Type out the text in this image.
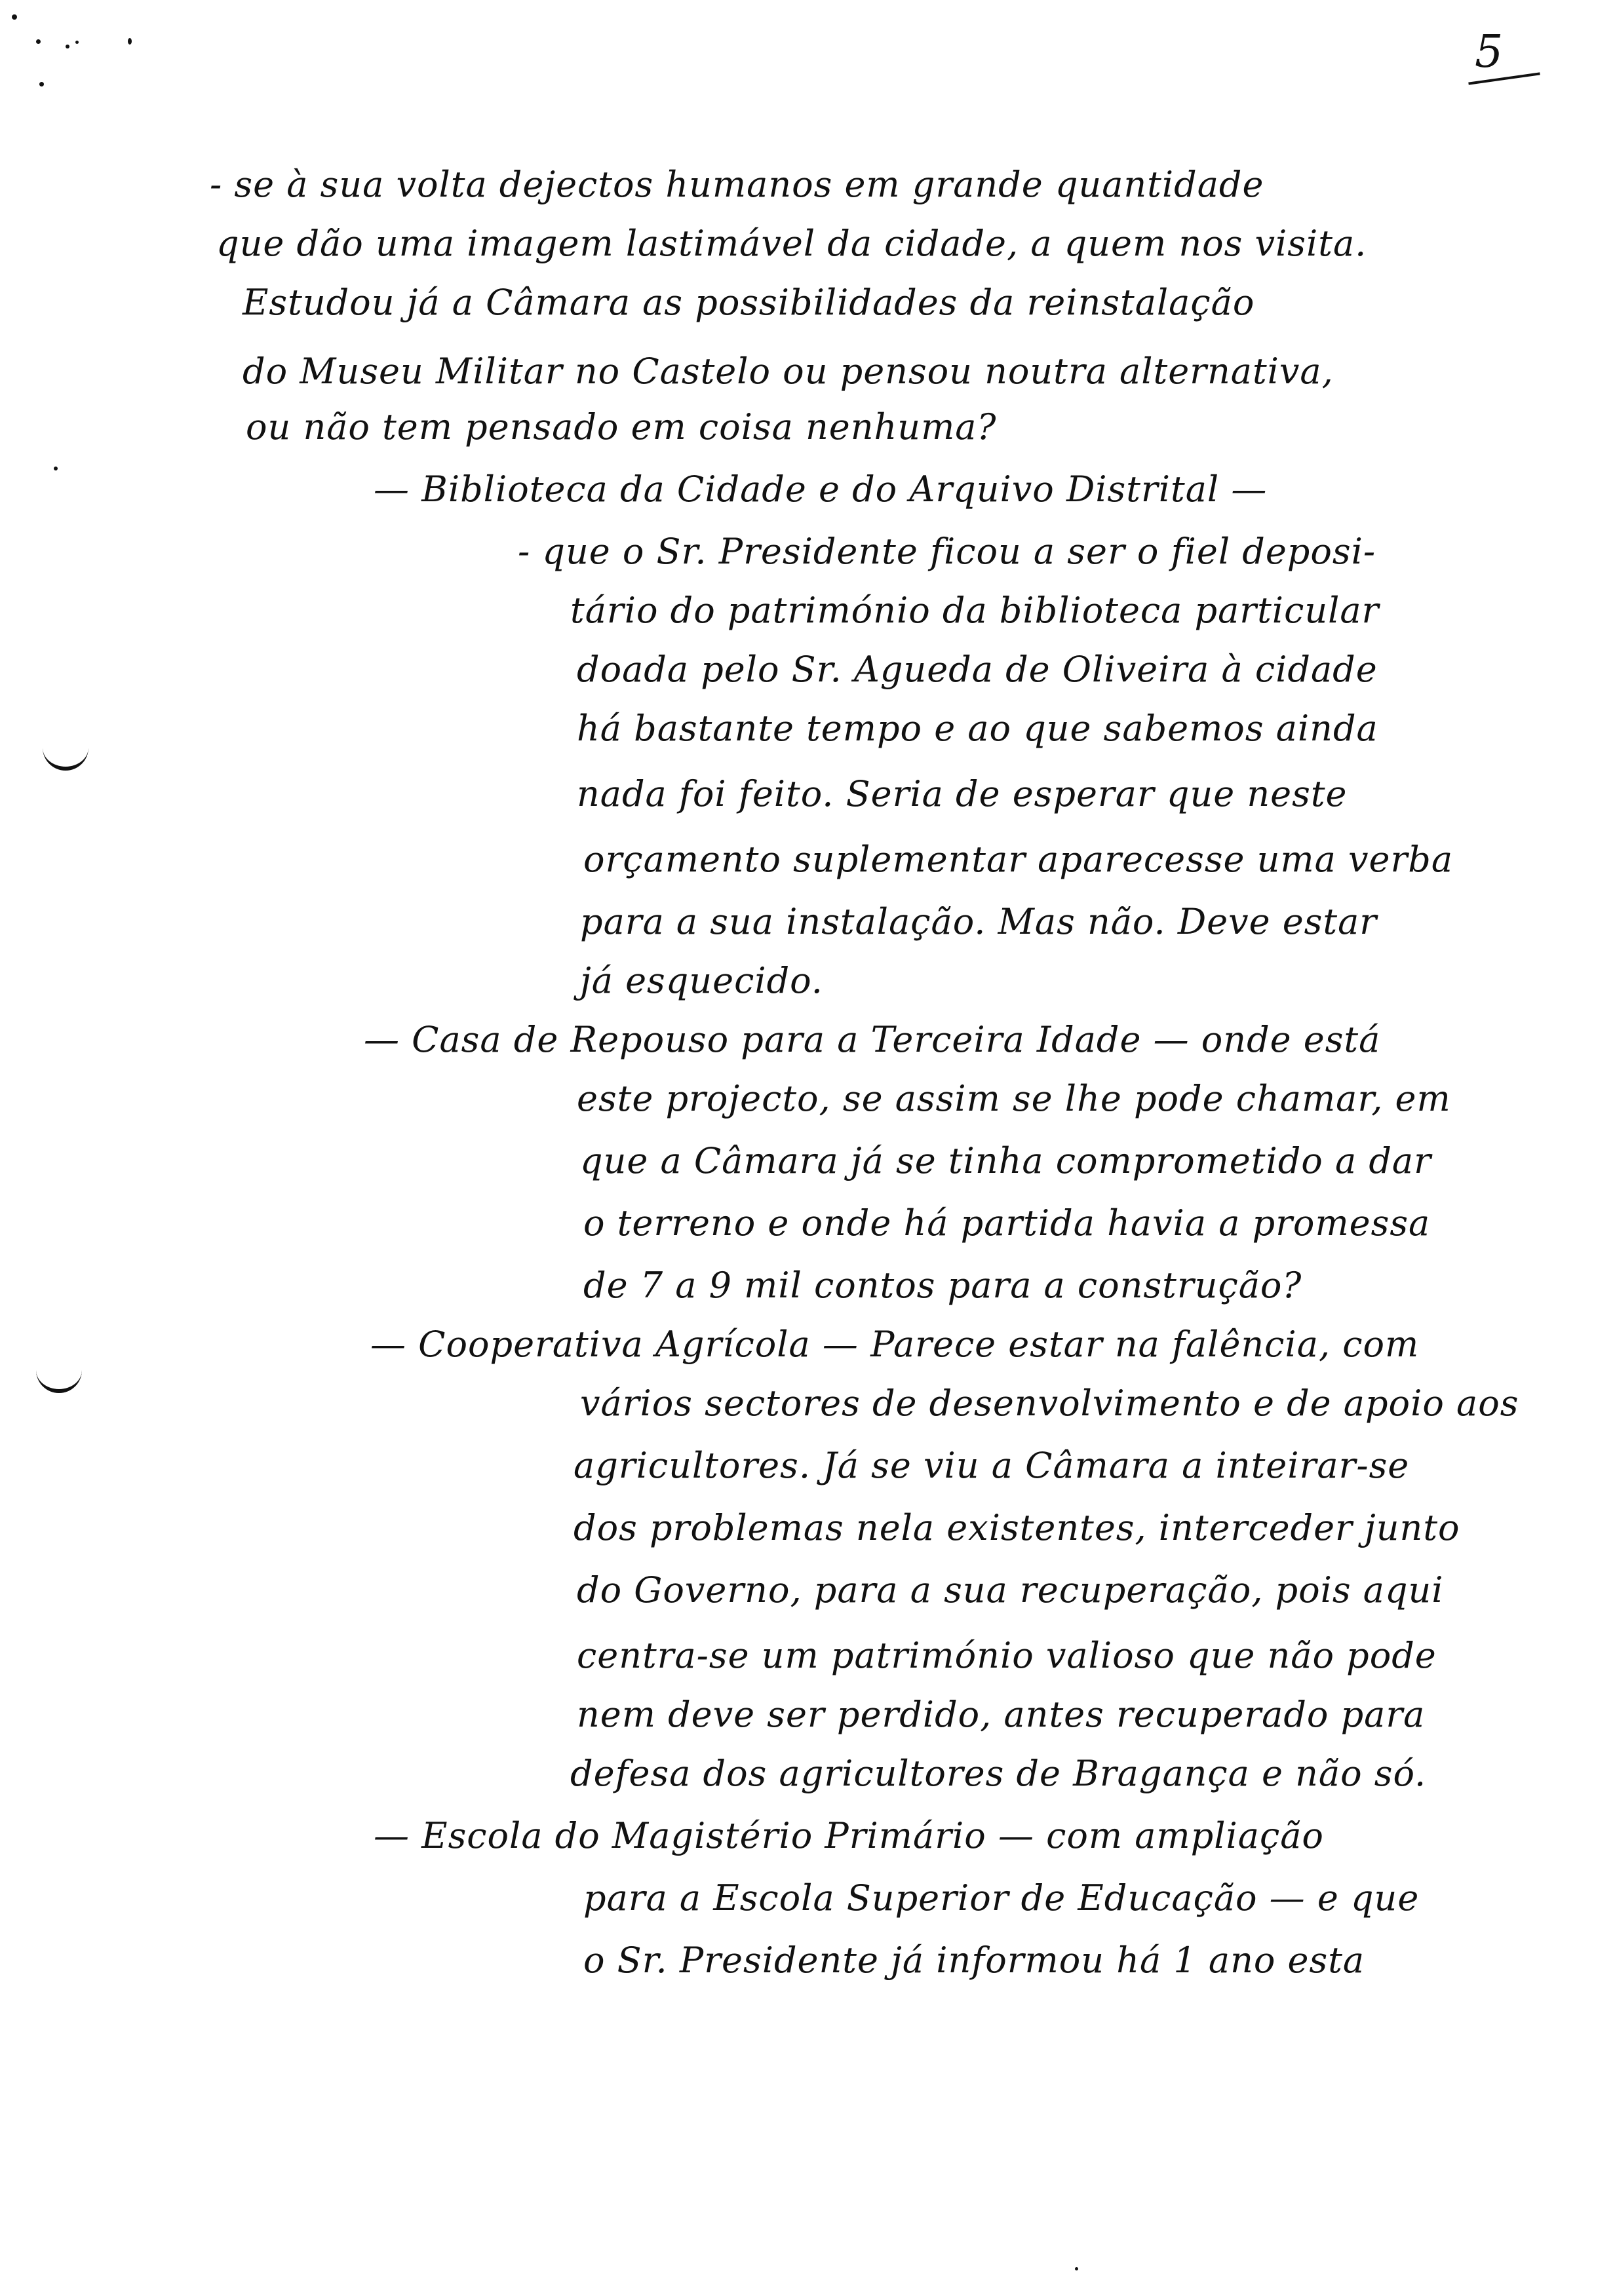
5
- se à sua volta dejectos humanos em grande quantidade
que dão uma imagem lastimável da cidade, a quem nos visita.
Estudou já a Câmara as possibilidades da reinstalação
do Museu Militar no Castelo ou pensou noutra alternativa,
ou não tem pensado em coisa nenhuma?
— Biblioteca da Cidade e do Arquivo Distrital —
- que o Sr. Presidente ficou a ser o fiel deposi-
tário do património da biblioteca particular
doada pelo Sr. Agueda de Oliveira à cidade
há bastante tempo e ao que sabemos ainda
nada foi feito. Seria de esperar que neste
orçamento suplementar aparecesse uma verba
para a sua instalação. Mas não. Deve estar
já esquecido.
— Casa de Repouso para a Terceira Idade — onde está
este projecto, se assim se lhe pode chamar, em
que a Câmara já se tinha comprometido a dar
o terreno e onde há partida havia a promessa
de 7 a 9 mil contos para a construção?
— Cooperativa Agrícola — Parece estar na falência, com
vários sectores de desenvolvimento e de apoio aos
agricultores. Já se viu a Câmara a inteirar-se
dos problemas nela existentes, interceder junto
do Governo, para a sua recuperação, pois aqui
centra-se um património valioso que não pode
nem deve ser perdido, antes recuperado para
defesa dos agricultores de Bragança e não só.
— Escola do Magistério Primário — com ampliação
para a Escola Superior de Educação — e que
o Sr. Presidente já informou há 1 ano esta
